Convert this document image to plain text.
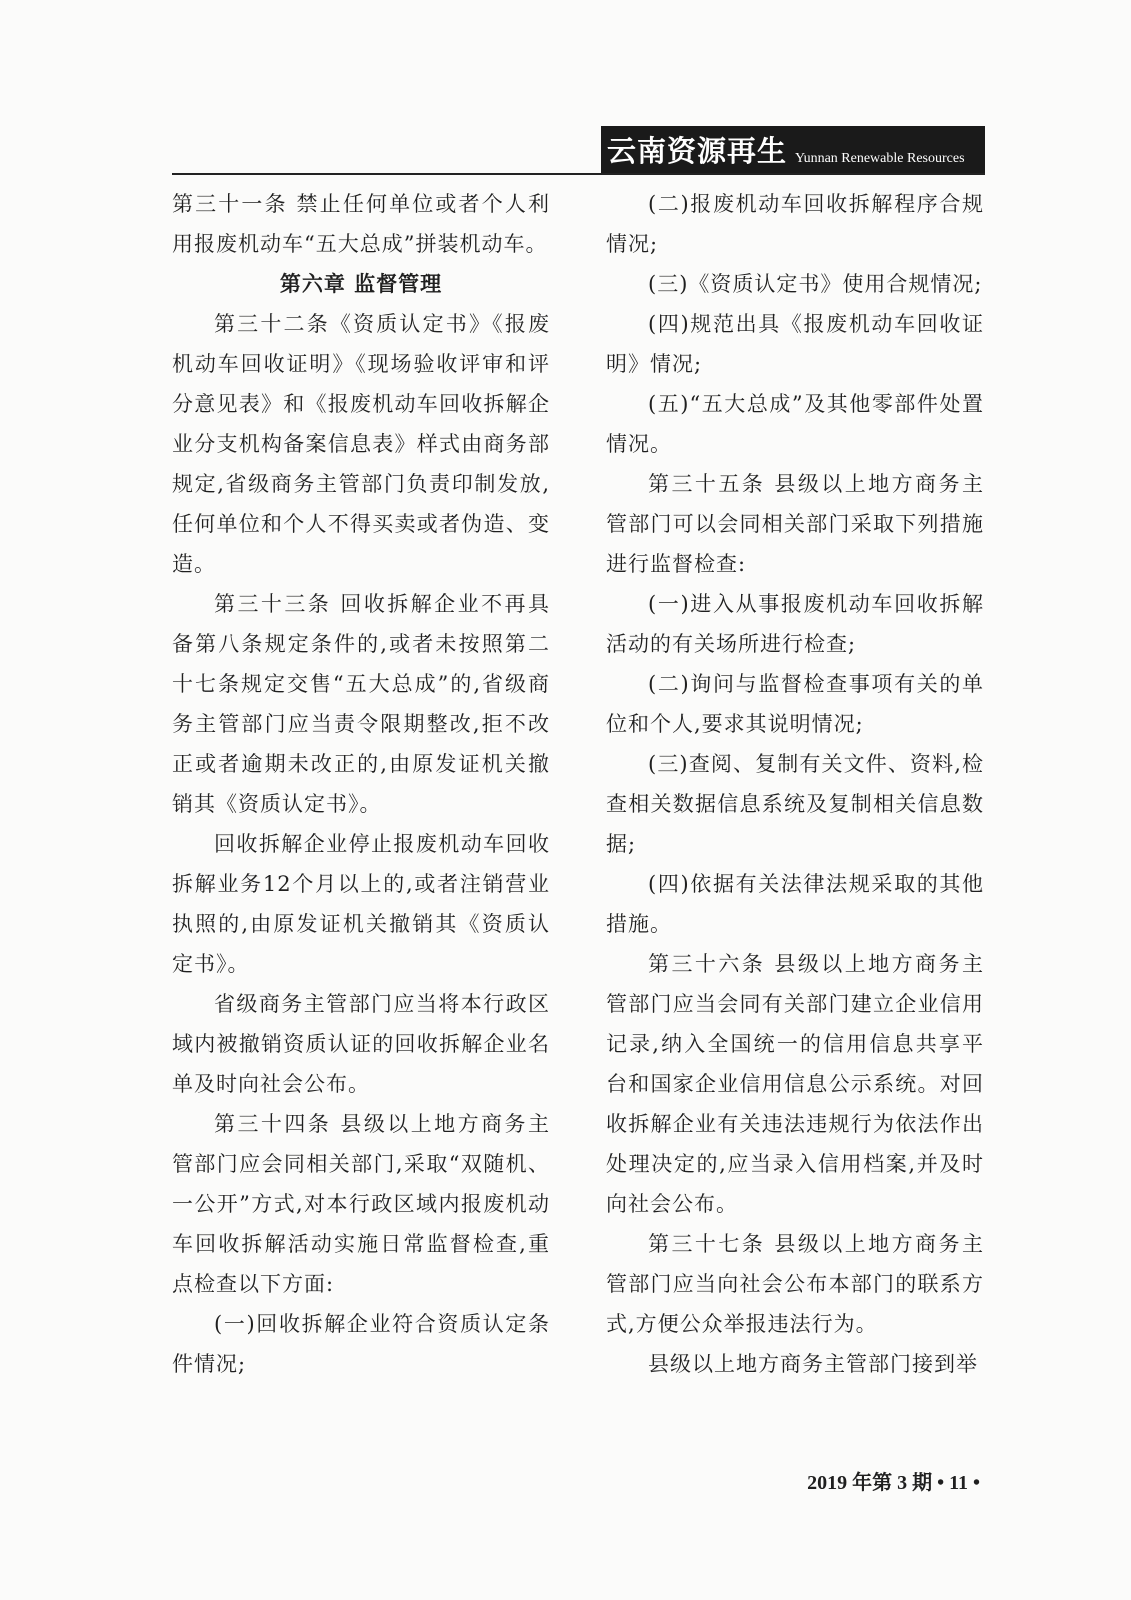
云南资源再生 Yunnan Renewable Resources

第三十一条 禁止任何单位或者个人利用报废机动车“五大总成”拼装机动车。

第六章 监督管理

第三十二条《资质认定书》《报废机动车回收证明》《现场验收评审和评分意见表》和《报废机动车回收拆解企业分支机构备案信息表》样式由商务部规定,省级商务主管部门负责印制发放,任何单位和个人不得买卖或者伪造、变造。

第三十三条 回收拆解企业不再具备第八条规定条件的,或者未按照第二十七条规定交售“五大总成”的,省级商务主管部门应当责令限期整改,拒不改正或者逾期未改正的,由原发证机关撤销其《资质认定书》。

回收拆解企业停止报废机动车回收拆解业务12个月以上的,或者注销营业执照的,由原发证机关撤销其《资质认定书》。

省级商务主管部门应当将本行政区域内被撤销资质认证的回收拆解企业名单及时向社会公布。

第三十四条 县级以上地方商务主管部门应会同相关部门,采取“双随机、一公开”方式,对本行政区域内报废机动车回收拆解活动实施日常监督检查,重点检查以下方面:

(一)回收拆解企业符合资质认定条件情况;

(二)报废机动车回收拆解程序合规情况;

(三)《资质认定书》使用合规情况;

(四)规范出具《报废机动车回收证明》情况;

(五)“五大总成”及其他零部件处置情况。

第三十五条 县级以上地方商务主管部门可以会同相关部门采取下列措施进行监督检查:

(一)进入从事报废机动车回收拆解活动的有关场所进行检查;

(二)询问与监督检查事项有关的单位和个人,要求其说明情况;

(三)查阅、复制有关文件、资料,检查相关数据信息系统及复制相关信息数据;

(四)依据有关法律法规采取的其他措施。

第三十六条 县级以上地方商务主管部门应当会同有关部门建立企业信用记录,纳入全国统一的信用信息共享平台和国家企业信用信息公示系统。对回收拆解企业有关违法违规行为依法作出处理决定的,应当录入信用档案,并及时向社会公布。

第三十七条 县级以上地方商务主管部门应当向社会公布本部门的联系方式,方便公众举报违法行为。

县级以上地方商务主管部门接到举

2019 年第 3 期 • 11 •
